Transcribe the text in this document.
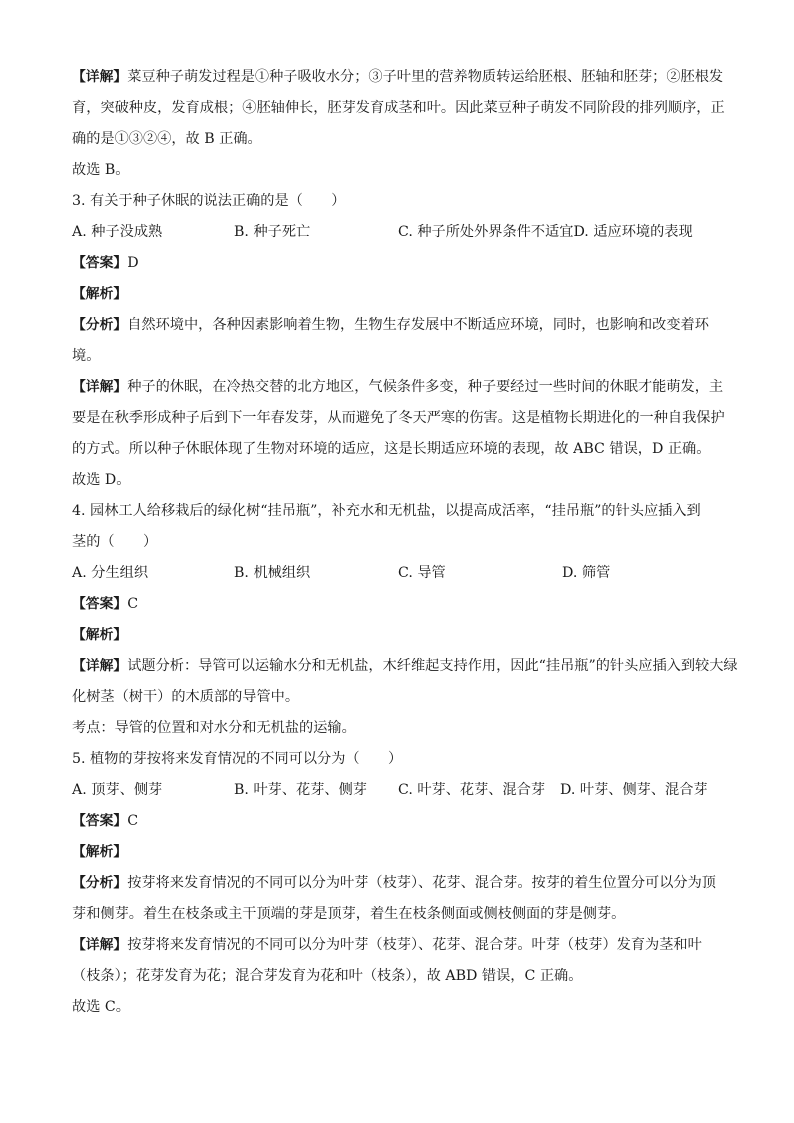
【详解】菜豆种子萌发过程是①种子吸收水分；③子叶里的营养物质转运给胚根、胚轴和胚芽；②胚根发
育，突破种皮，发育成根；④胚轴伸长，胚芽发育成茎和叶。因此菜豆种子萌发不同阶段的排列顺序，正
确的是①③②④，故 B 正确。
故选 B。
3. 有关于种子休眠的说法正确的是（　　）
A. 种子没成熟	B. 种子死亡	C. 种子所处外界条件不适宜 D. 适应环境的表现
【答案】D
【解析】
【分析】自然环境中，各种因素影响着生物，生物生存发展中不断适应环境，同时，也影响和改变着环
境。
【详解】种子的休眠，在冷热交替的北方地区，气候条件多变，种子要经过一些时间的休眠才能萌发，主
要是在秋季形成种子后到下一年春发芽，从而避免了冬天严寒的伤害。这是植物长期进化的一种自我保护
的方式。所以种子休眠体现了生物对环境的适应，这是长期适应环境的表现，故 ABC 错误，D 正确。
故选 D。
4. 园林工人给移栽后的绿化树“挂吊瓶”，补充水和无机盐，以提高成活率，“挂吊瓶”的针头应插入到
茎的（　　）
A. 分生组织	B. 机械组织	C. 导管	D. 筛管
【答案】C
【解析】
【详解】试题分析：导管可以运输水分和无机盐，木纤维起支持作用，因此“挂吊瓶”的针头应插入到较大绿
化树茎（树干）的木质部的导管中。
考点：导管的位置和对水分和无机盐的运输。
5. 植物的芽按将来发育情况的不同可以分为（　　）
A. 顶芽、侧芽	B. 叶芽、花芽、侧芽	C. 叶芽、花芽、混合芽	D. 叶芽、侧芽、混合芽
【答案】C
【解析】
【分析】按芽将来发育情况的不同可以分为叶芽（枝芽）、花芽、混合芽。按芽的着生位置分可以分为顶
芽和侧芽。着生在枝条或主干顶端的芽是顶芽，着生在枝条侧面或侧枝侧面的芽是侧芽。
【详解】按芽将来发育情况的不同可以分为叶芽（枝芽）、花芽、混合芽。叶芽（枝芽）发育为茎和叶
（枝条）；花芽发育为花；混合芽发育为花和叶（枝条），故 ABD 错误，C 正确。
故选 C。
